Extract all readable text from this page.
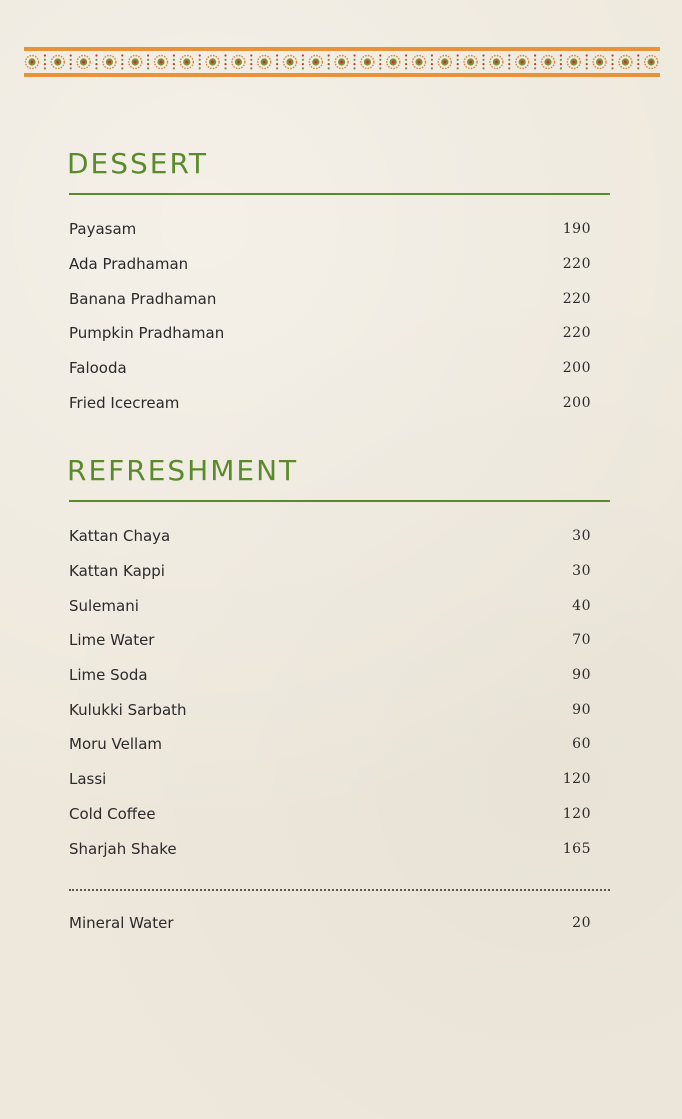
DESSERT
Payasam	190
Ada Pradhaman	220
Banana Pradhaman	220
Pumpkin Pradhaman	220
Falooda	200
Fried Icecream	200
REFRESHMENT
Kattan Chaya	30
Kattan Kappi	30
Sulemani	40
Lime Water	70
Lime Soda	90
Kulukki Sarbath	90
Moru Vellam	60
Lassi	120
Cold Coffee	120
Sharjah Shake	165
Mineral Water	20
